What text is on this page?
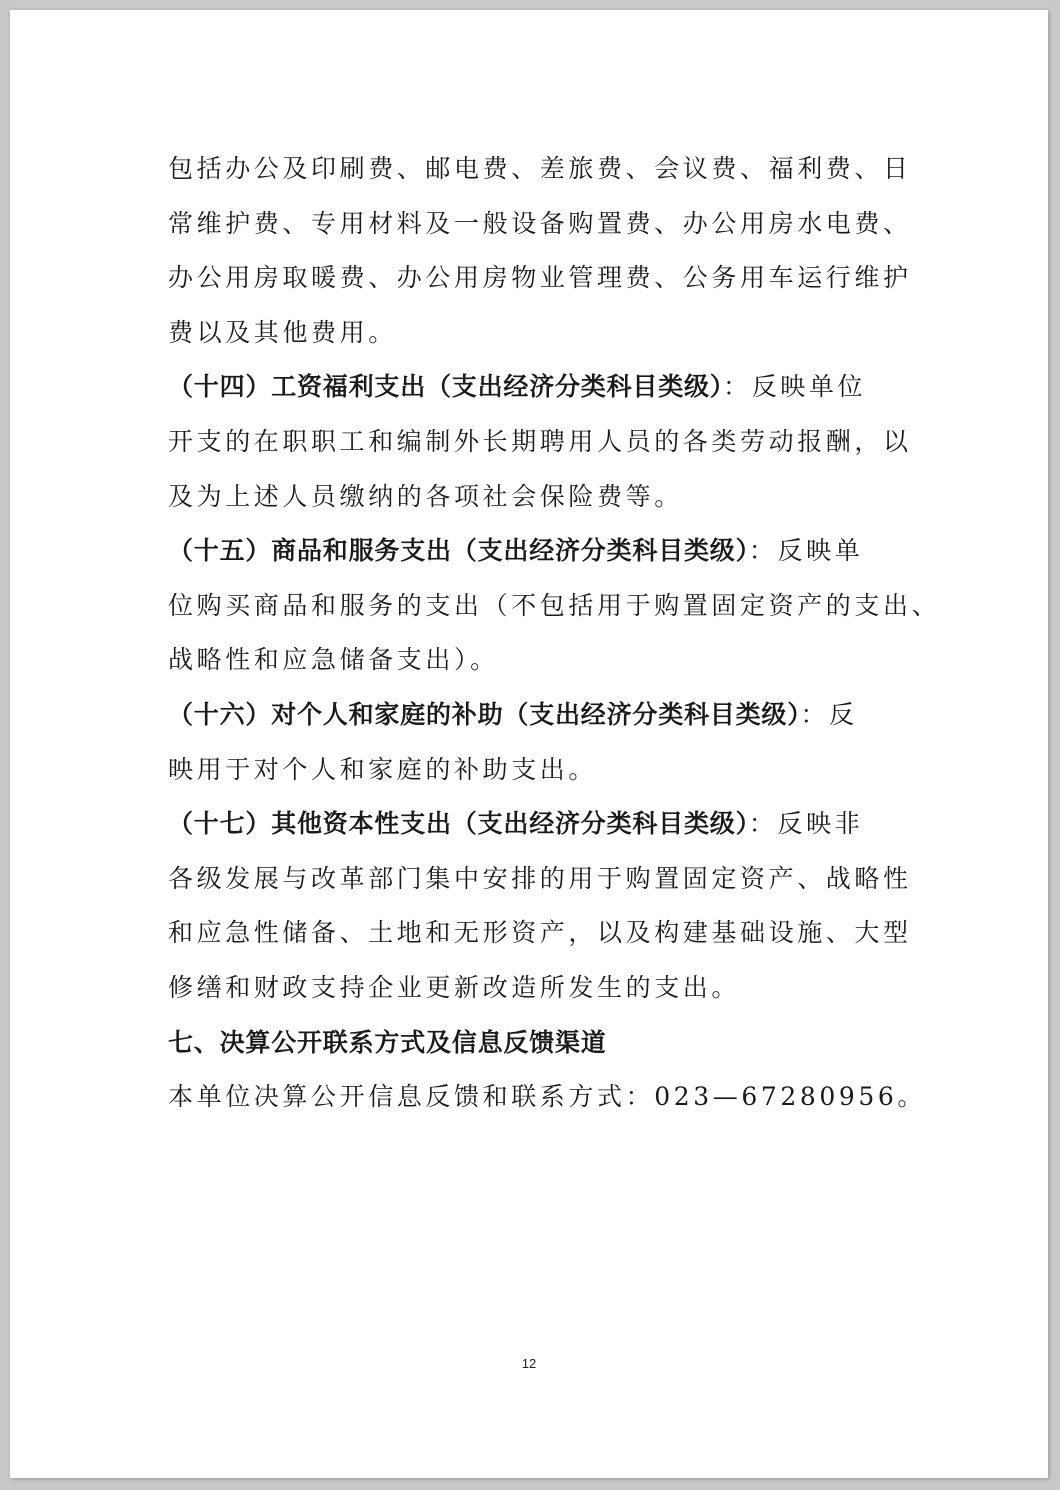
包括办公及印刷费、邮电费、差旅费、会议费、福利费、日
常维护费、专用材料及一般设备购置费、办公用房水电费、
办公用房取暖费、办公用房物业管理费、公务用车运行维护
费以及其他费用。
（十四）工资福利支出（支出经济分类科目类级）：反映单位
开支的在职职工和编制外长期聘用人员的各类劳动报酬，以
及为上述人员缴纳的各项社会保险费等。
（十五）商品和服务支出（支出经济分类科目类级）：反映单
位购买商品和服务的支出（不包括用于购置固定资产的支出、
战略性和应急储备支出）。
（十六）对个人和家庭的补助（支出经济分类科目类级）：反
映用于对个人和家庭的补助支出。
（十七）其他资本性支出（支出经济分类科目类级）：反映非
各级发展与改革部门集中安排的用于购置固定资产、战略性
和应急性储备、土地和无形资产，以及构建基础设施、大型
修缮和财政支持企业更新改造所发生的支出。
七、决算公开联系方式及信息反馈渠道
本单位决算公开信息反馈和联系方式：023—67280956。
12
